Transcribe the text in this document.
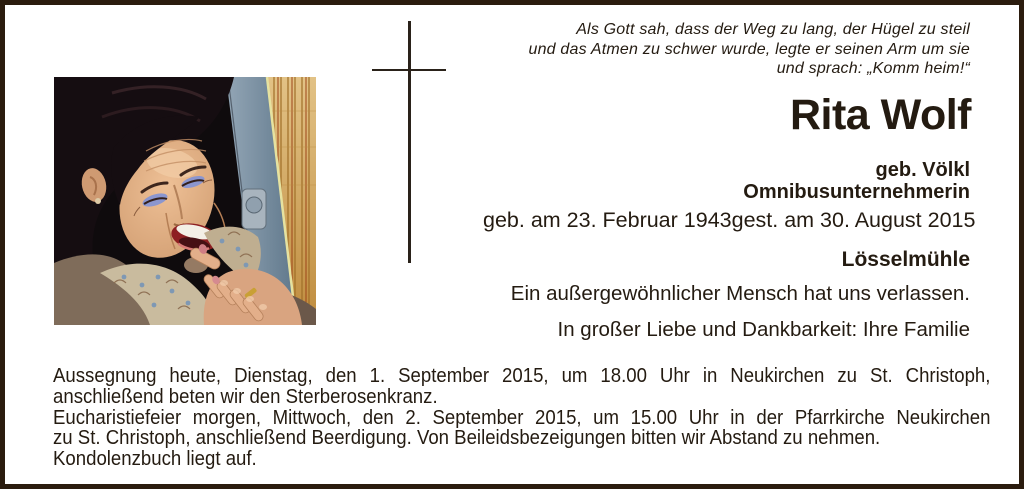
Als Gott sah, dass der Weg zu lang, der Hügel zu steil
und das Atmen zu schwer wurde, legte er seinen Arm um sie
und sprach: „Komm heim!“
Rita Wolf
geb. Völkl
Omnibusunternehmerin
geb. am 23. Februar 1943 gest. am 30. August 2015
Lösselmühle
Ein außergewöhnlicher Mensch hat uns verlassen.
In großer Liebe und Dankbarkeit: Ihre Familie
Aussegnung heute, Dienstag, den 1. September 2015, um 18.00 Uhr in Neukirchen zu St. Christoph,
anschließend beten wir den Sterberosenkranz.
Eucharistiefeier morgen, Mittwoch, den 2. September 2015, um 15.00 Uhr in der Pfarrkirche Neukirchen
zu St. Christoph, anschließend Beerdigung. Von Beileidsbezeigungen bitten wir Abstand zu nehmen.
Kondolenzbuch liegt auf.
